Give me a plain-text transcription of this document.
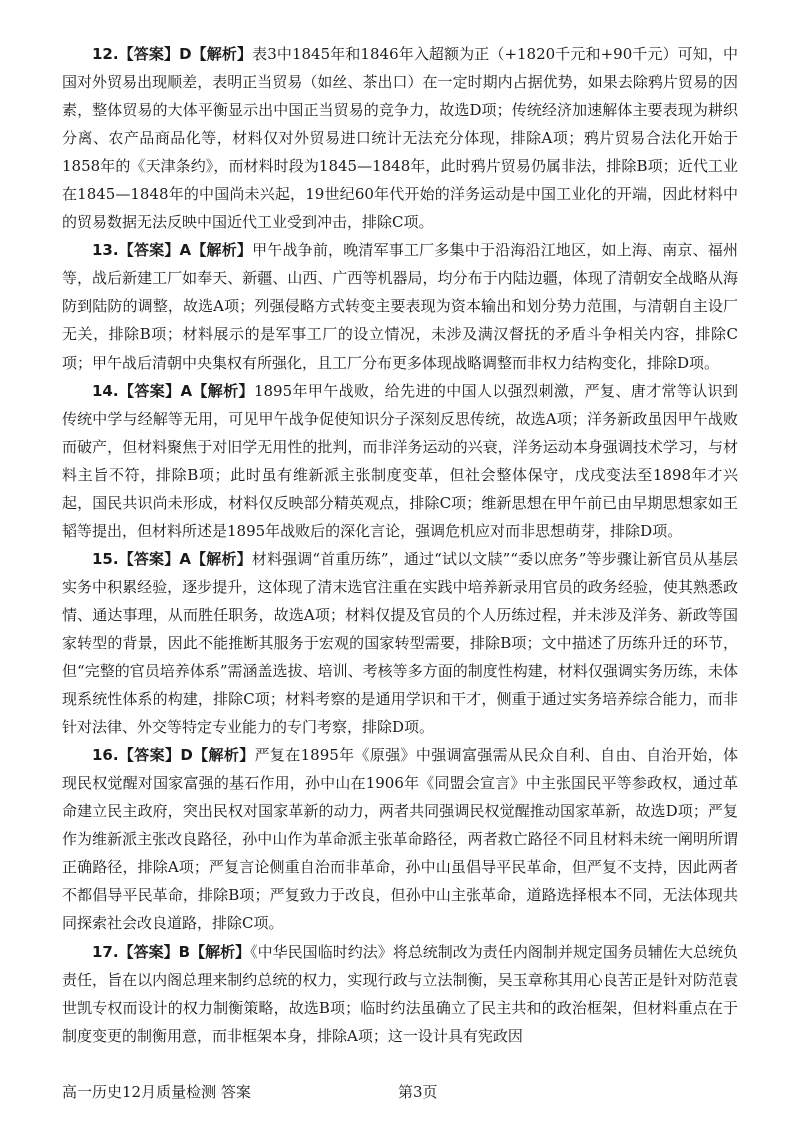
12.【答案】D【解析】表3中1845年和1846年入超额为正（+1820千元和+90千元）可知，中国对外贸易出现顺差，表明正当贸易（如丝、茶出口）在一定时期内占据优势，如果去除鸦片贸易的因素，整体贸易的大体平衡显示出中国正当贸易的竞争力，故选D项；传统经济加速解体主要表现为耕织分离、农产品商品化等，材料仅对外贸易进口统计无法充分体现，排除A项；鸦片贸易合法化开始于1858年的《天津条约》，而材料时段为1845—1848年，此时鸦片贸易仍属非法，排除B项；近代工业在1845—1848年的中国尚未兴起，19世纪60年代开始的洋务运动是中国工业化的开端，因此材料中的贸易数据无法反映中国近代工业受到冲击，排除C项。

13.【答案】A【解析】甲午战争前，晚清军事工厂多集中于沿海沿江地区，如上海、南京、福州等，战后新建工厂如奉天、新疆、山西、广西等机器局，均分布于内陆边疆，体现了清朝安全战略从海防到陆防的调整，故选A项；列强侵略方式转变主要表现为资本输出和划分势力范围，与清朝自主设厂无关，排除B项；材料展示的是军事工厂的设立情况，未涉及满汉督抚的矛盾斗争相关内容，排除C项；甲午战后清朝中央集权有所强化，且工厂分布更多体现战略调整而非权力结构变化，排除D项。

14.【答案】A【解析】1895年甲午战败，给先进的中国人以强烈刺激，严复、唐才常等认识到传统中学与经解等无用，可见甲午战争促使知识分子深刻反思传统，故选A项；洋务新政虽因甲午战败而破产，但材料聚焦于对旧学无用性的批判，而非洋务运动的兴衰，洋务运动本身强调技术学习，与材料主旨不符，排除B项；此时虽有维新派主张制度变革，但社会整体保守，戊戌变法至1898年才兴起，国民共识尚未形成，材料仅反映部分精英观点，排除C项；维新思想在甲午前已由早期思想家如王韬等提出，但材料所述是1895年战败后的深化言论，强调危机应对而非思想萌芽，排除D项。

15.【答案】A【解析】材料强调“首重历练”，通过“试以文牍”“委以庶务”等步骤让新官员从基层实务中积累经验，逐步提升，这体现了清末选官注重在实践中培养新录用官员的政务经验，使其熟悉政情、通达事理，从而胜任职务，故选A项；材料仅提及官员的个人历练过程，并未涉及洋务、新政等国家转型的背景，因此不能推断其服务于宏观的国家转型需要，排除B项；文中描述了历练升迁的环节，但“完整的官员培养体系”需涵盖选拔、培训、考核等多方面的制度性构建，材料仅强调实务历练，未体现系统性体系的构建，排除C项；材料考察的是通用学识和干才，侧重于通过实务培养综合能力，而非针对法律、外交等特定专业能力的专门考察，排除D项。

16.【答案】D【解析】严复在1895年《原强》中强调富强需从民众自利、自由、自治开始，体现民权觉醒对国家富强的基石作用，孙中山在1906年《同盟会宣言》中主张国民平等参政权，通过革命建立民主政府，突出民权对国家革新的动力，两者共同强调民权觉醒推动国家革新，故选D项；严复作为维新派主张改良路径，孙中山作为革命派主张革命路径，两者救亡路径不同且材料未统一阐明所谓正确路径，排除A项；严复言论侧重自治而非革命，孙中山虽倡导平民革命，但严复不支持，因此两者不都倡导平民革命，排除B项；严复致力于改良，但孙中山主张革命，道路选择根本不同，无法体现共同探索社会改良道路，排除C项。

17.【答案】B【解析】《中华民国临时约法》将总统制改为责任内阁制并规定国务员辅佐大总统负责任，旨在以内阁总理来制约总统的权力，实现行政与立法制衡，吴玉章称其用心良苦正是针对防范袁世凯专权而设计的权力制衡策略，故选B项；临时约法虽确立了民主共和的政治框架，但材料重点在于制度变更的制衡用意，而非框架本身，排除A项；这一设计具有宪政因

高一历史12月质量检测 答案	第3页
